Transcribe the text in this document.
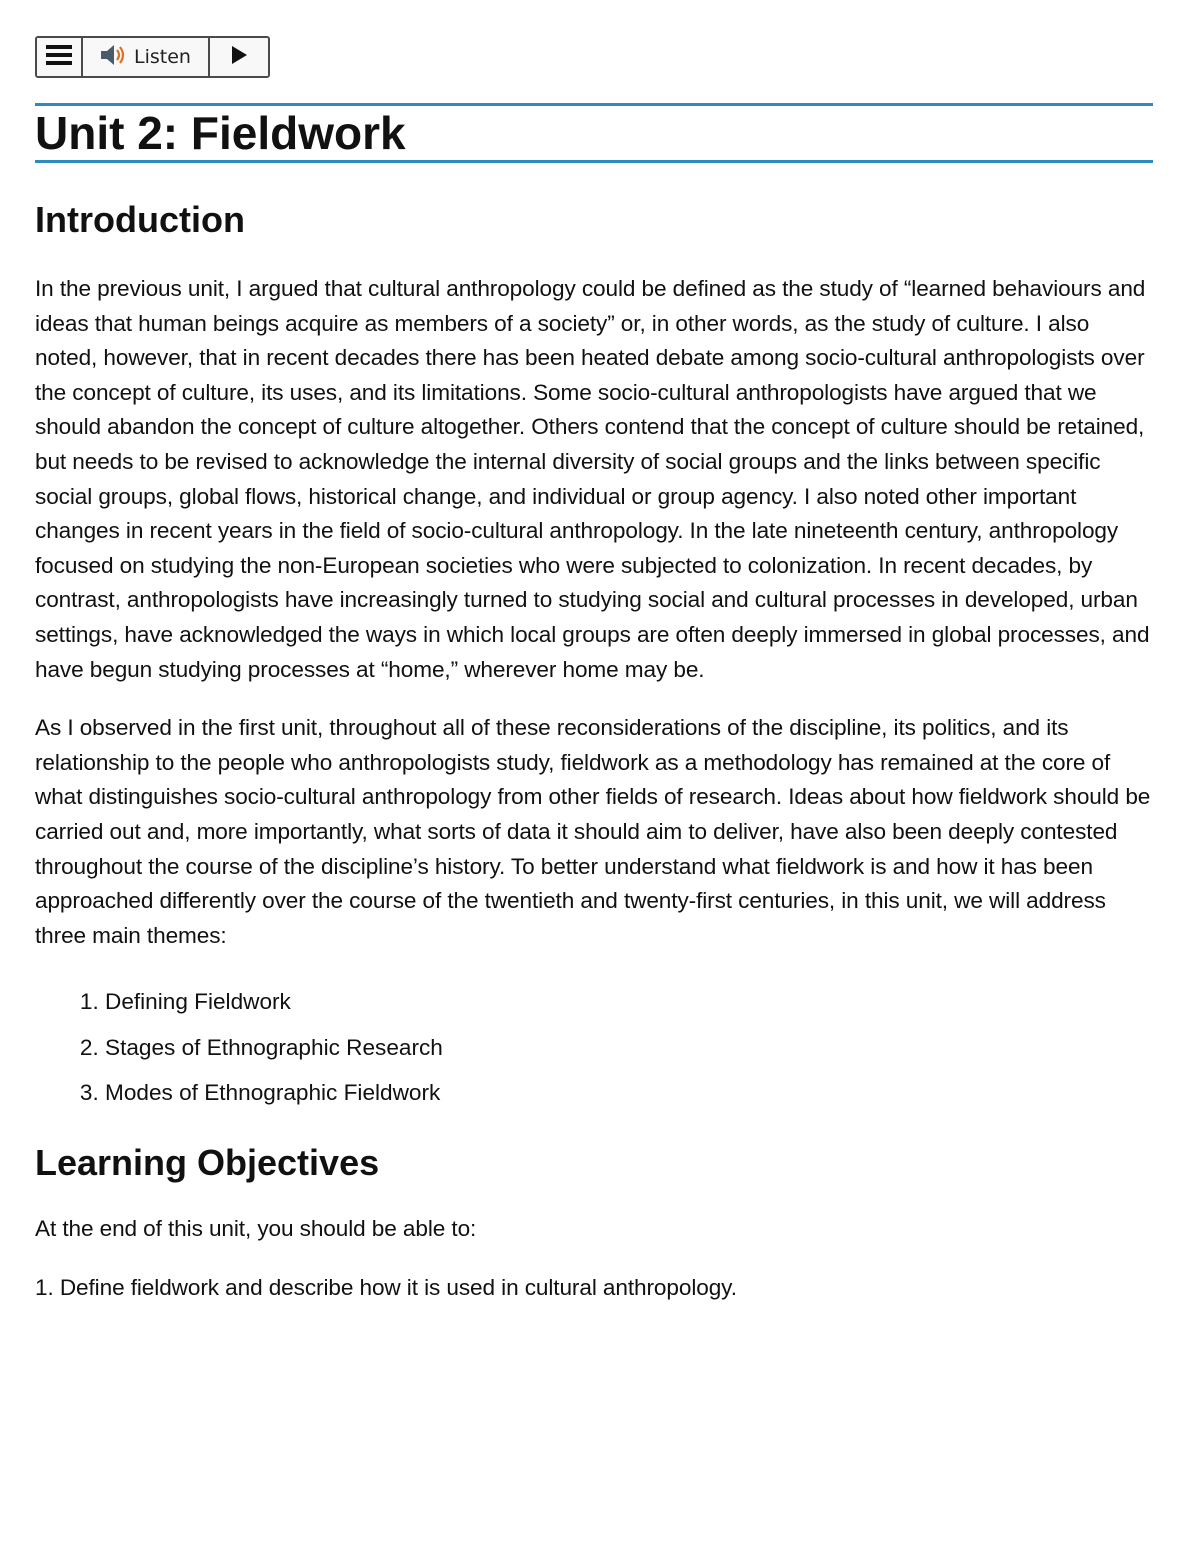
Listen
Unit 2: Fieldwork
Introduction

In the previous unit, I argued that cultural anthropology could be defined as the study of “learned behaviours and ideas that human beings acquire as members of a society” or, in other words, as the study of culture. I also noted, however, that in recent decades there has been heated debate among socio-cultural anthropologists over the concept of culture, its uses, and its limitations. Some socio-cultural anthropologists have argued that we should abandon the concept of culture altogether. Others contend that the concept of culture should be retained, but needs to be revised to acknowledge the internal diversity of social groups and the links between specific social groups, global flows, historical change, and individual or group agency. I also noted other important changes in recent years in the field of socio-cultural anthropology. In the late nineteenth century, anthropology focused on studying the non-European societies who were subjected to colonization. In recent decades, by contrast, anthropologists have increasingly turned to studying social and cultural processes in developed, urban settings, have acknowledged the ways in which local groups are often deeply immersed in global processes, and have begun studying processes at “home,” wherever home may be.

As I observed in the first unit, throughout all of these reconsiderations of the discipline, its politics, and its relationship to the people who anthropologists study, fieldwork as a methodology has remained at the core of what distinguishes socio-cultural anthropology from other fields of research. Ideas about how fieldwork should be carried out and, more importantly, what sorts of data it should aim to deliver, have also been deeply contested throughout the course of the discipline’s history. To better understand what fieldwork is and how it has been approached differently over the course of the twentieth and twenty-first centuries, in this unit, we will address three main themes:

1. Defining Fieldwork
2. Stages of Ethnographic Research
3. Modes of Ethnographic Fieldwork
Learning Objectives

At the end of this unit, you should be able to:

1. Define fieldwork and describe how it is used in cultural anthropology.
